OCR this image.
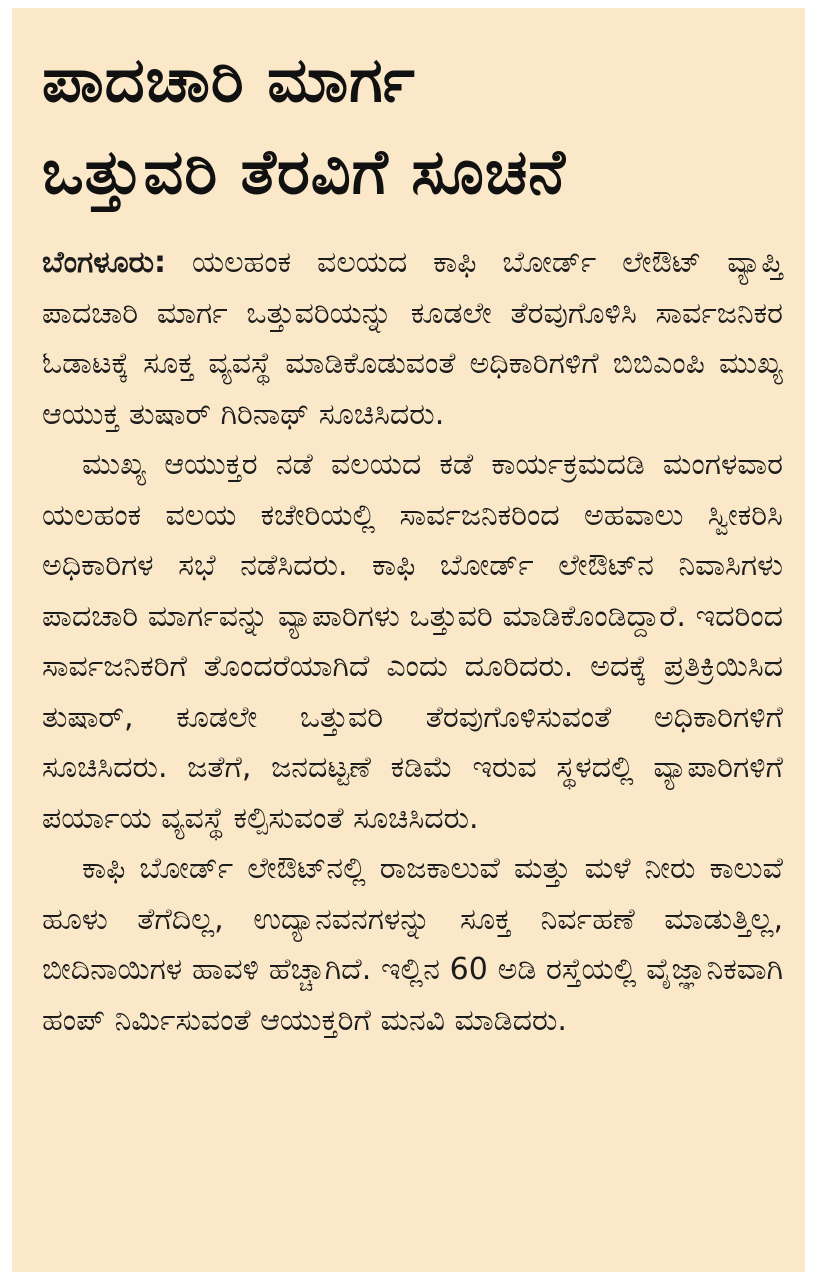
ಪಾದಚಾರಿ ಮಾರ್ಗ
ಒತ್ತುವರಿ ತೆರವಿಗೆ ಸೂಚನೆ

ಬೆಂಗಳೂರು: ಯಲಹಂಕ ವಲಯದ ಕಾಫಿ ಬೋರ್ಡ್ ಲೇಔಟ್ ವ್ಯಾಪ್ತಿ ಪಾದಚಾರಿ ಮಾರ್ಗ ಒತ್ತುವರಿಯನ್ನು ಕೂಡಲೇ ತೆರವುಗೊಳಿಸಿ ಸಾರ್ವಜನಿಕರ ಓಡಾಟಕ್ಕೆ ಸೂಕ್ತ ವ್ಯವಸ್ಥೆ ಮಾಡಿಕೊಡುವಂತೆ ಅಧಿಕಾರಿಗಳಿಗೆ ಬಿಬಿಎಂಪಿ ಮುಖ್ಯ ಆಯುಕ್ತ ತುಷಾರ್ ಗಿರಿನಾಥ್ ಸೂಚಿಸಿದರು.

ಮುಖ್ಯ ಆಯುಕ್ತರ ನಡೆ ವಲಯದ ಕಡೆ ಕಾರ್ಯಕ್ರಮದಡಿ ಮಂಗಳವಾರ ಯಲಹಂಕ ವಲಯ ಕಚೇರಿಯಲ್ಲಿ ಸಾರ್ವಜನಿಕರಿಂದ ಅಹವಾಲು ಸ್ವೀಕರಿಸಿ ಅಧಿಕಾರಿಗಳ ಸಭೆ ನಡೆಸಿದರು. ಕಾಫಿ ಬೋರ್ಡ್ ಲೇಔಟ್‌ನ ನಿವಾಸಿಗಳು ಪಾದಚಾರಿ ಮಾರ್ಗವನ್ನು ವ್ಯಾಪಾರಿಗಳು ಒತ್ತುವರಿ ಮಾಡಿಕೊಂಡಿದ್ದಾರೆ. ಇದರಿಂದ ಸಾರ್ವಜನಿಕರಿಗೆ ತೊಂದರೆಯಾಗಿದೆ ಎಂದು ದೂರಿದರು. ಅದಕ್ಕೆ ಪ್ರತಿಕ್ರಿಯಿಸಿದ ತುಷಾರ್, ಕೂಡಲೇ ಒತ್ತುವರಿ ತೆರವುಗೊಳಿಸುವಂತೆ ಅಧಿಕಾರಿಗಳಿಗೆ ಸೂಚಿಸಿದರು. ಜತೆಗೆ, ಜನದಟ್ಟಣೆ ಕಡಿಮೆ ಇರುವ ಸ್ಥಳದಲ್ಲಿ ವ್ಯಾಪಾರಿಗಳಿಗೆ ಪರ್ಯಾಯ ವ್ಯವಸ್ಥೆ ಕಲ್ಪಿಸುವಂತೆ ಸೂಚಿಸಿದರು.

ಕಾಫಿ ಬೋರ್ಡ್ ಲೇಔಟ್‌ನಲ್ಲಿ ರಾಜಕಾಲುವೆ ಮತ್ತು ಮಳೆ ನೀರು ಕಾಲುವೆ ಹೂಳು ತೆಗೆದಿಲ್ಲ, ಉದ್ಯಾನವನಗಳನ್ನು ಸೂಕ್ತ ನಿರ್ವಹಣೆ ಮಾಡುತ್ತಿಲ್ಲ, ಬೀದಿನಾಯಿಗಳ ಹಾವಳಿ ಹೆಚ್ಚಾಗಿದೆ. ಇಲ್ಲಿನ 60 ಅಡಿ ರಸ್ತೆಯಲ್ಲಿ ವೈಜ್ಞಾನಿಕವಾಗಿ ಹಂಪ್ ನಿರ್ಮಿಸುವಂತೆ ಆಯುಕ್ತರಿಗೆ ಮನವಿ ಮಾಡಿದರು.
